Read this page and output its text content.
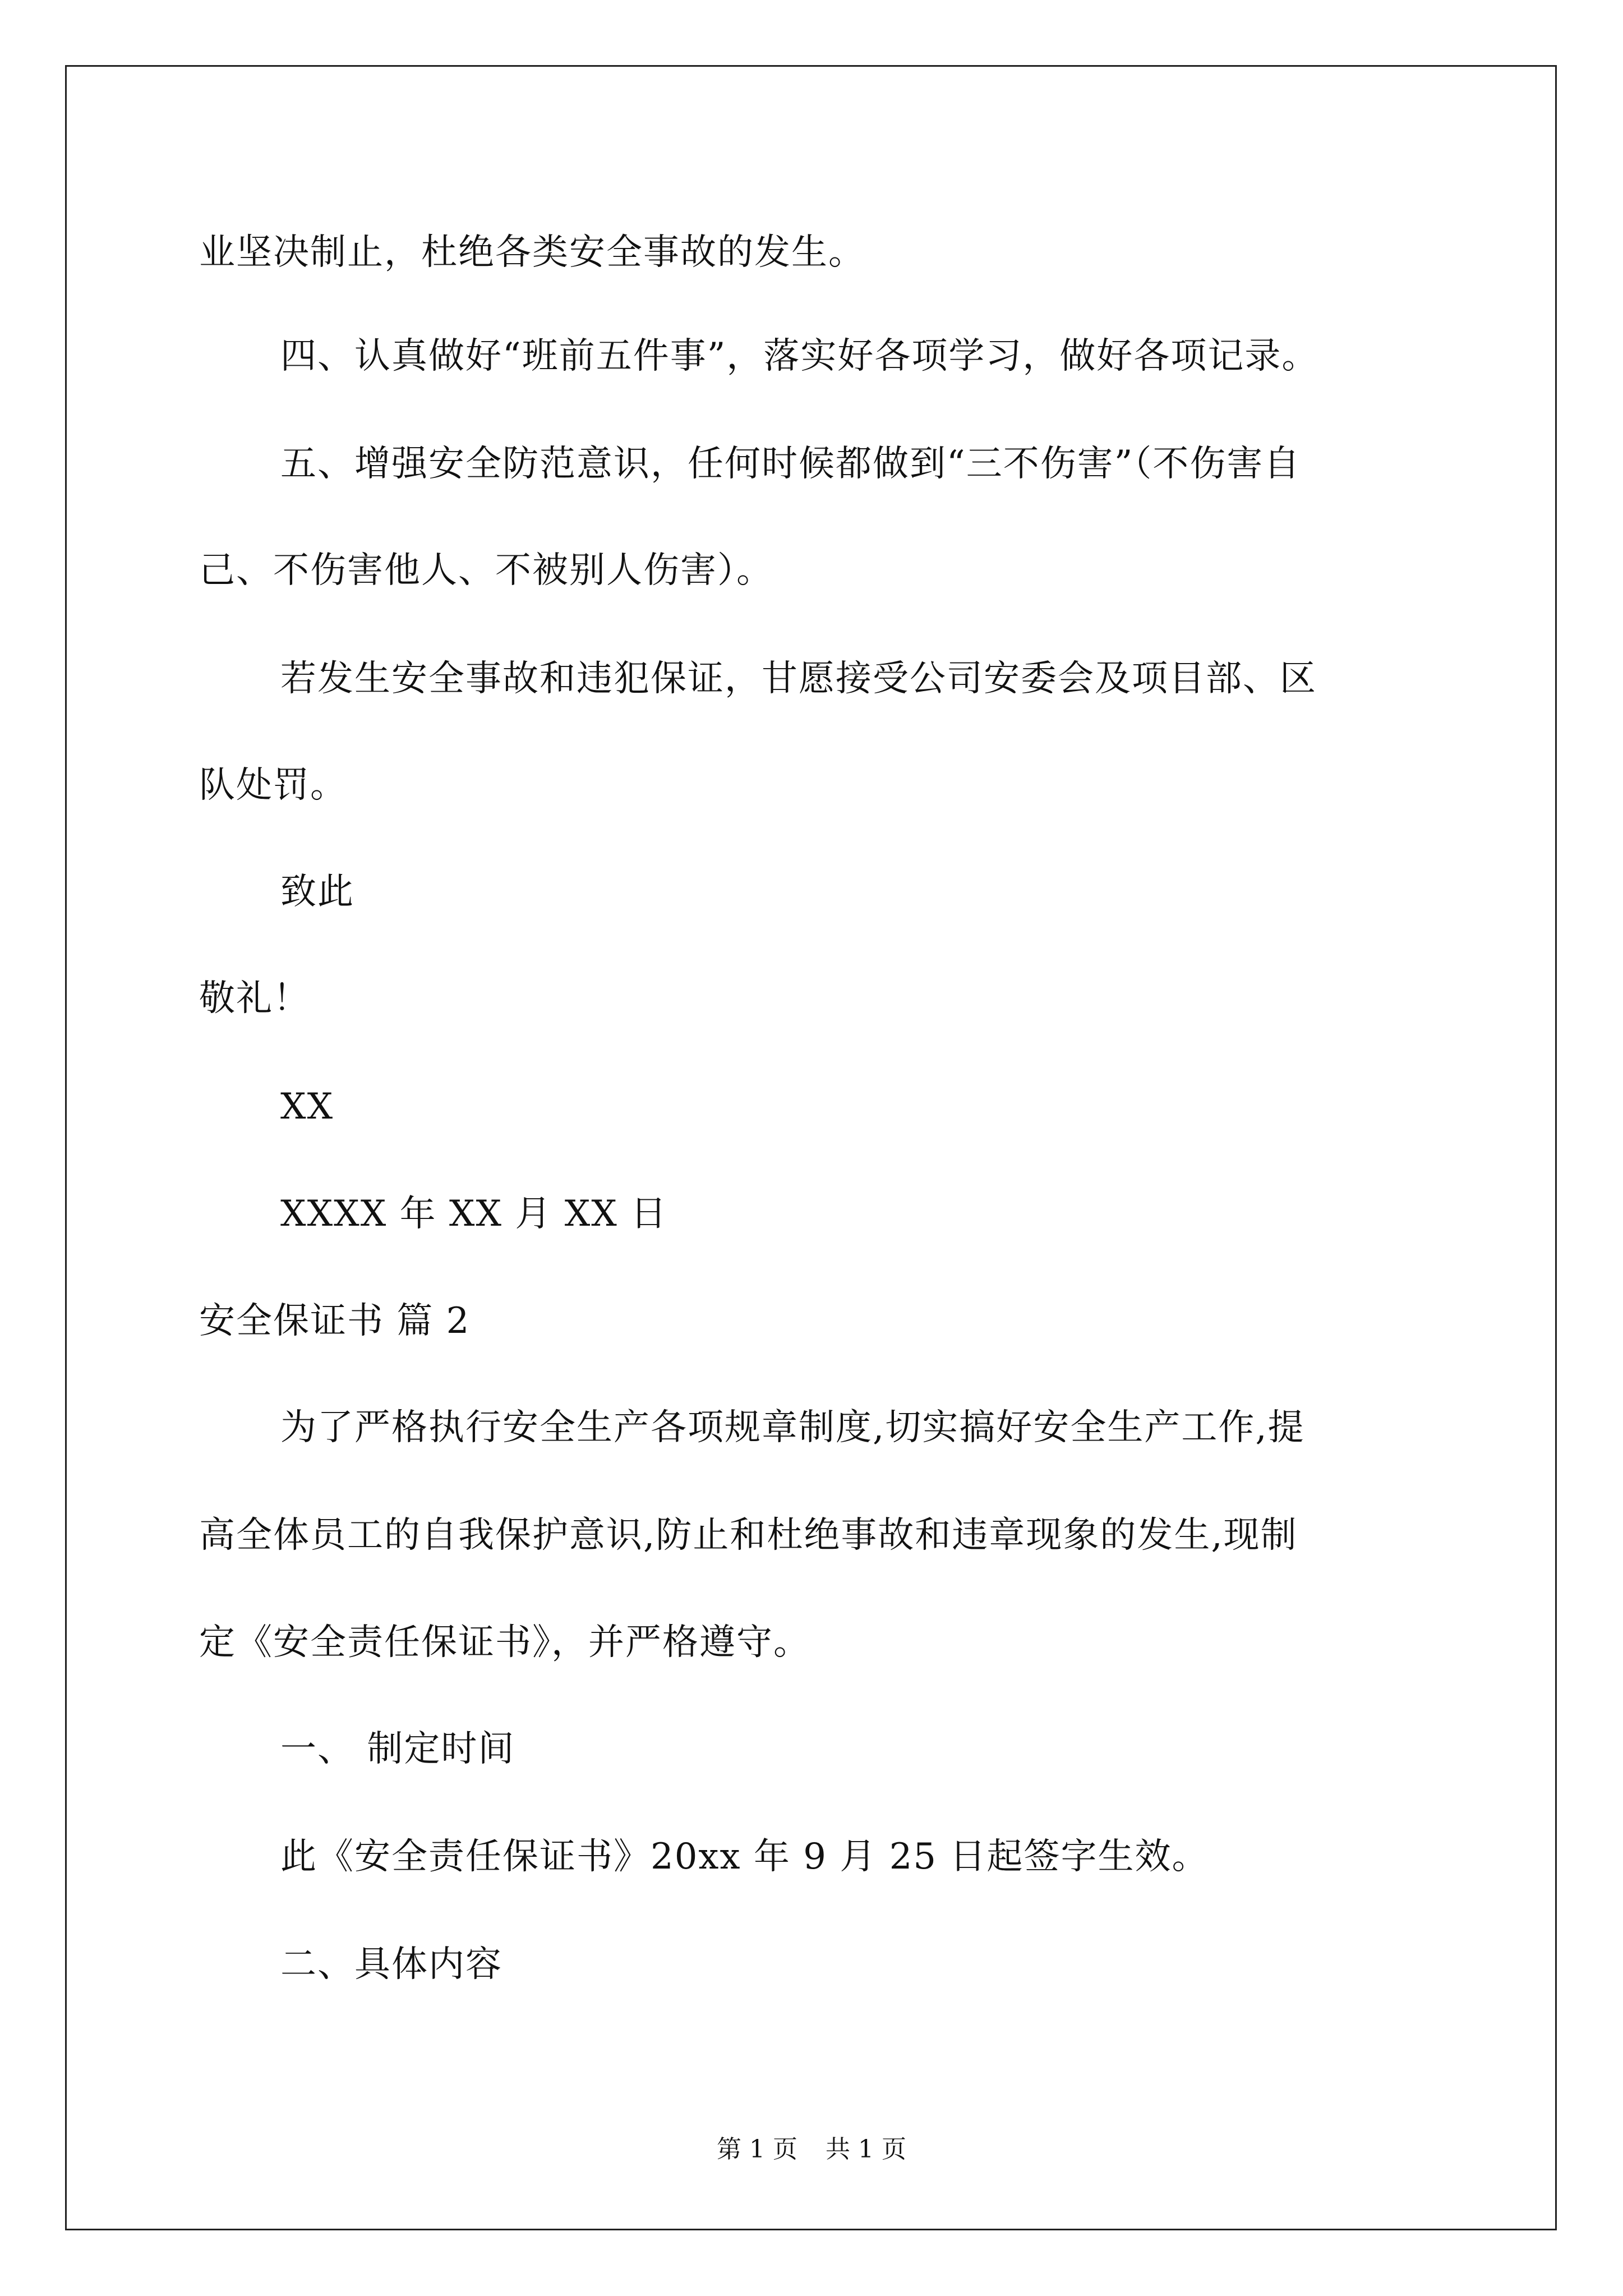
业坚决制止，杜绝各类安全事故的发生。
四、认真做好“班前五件事”，落实好各项学习，做好各项记录。
五、增强安全防范意识，任何时候都做到“三不伤害”（不伤害自
己、不伤害他人、不被别人伤害）。
若发生安全事故和违犯保证，甘愿接受公司安委会及项目部、区
队处罚。
致此
敬礼！
XX
XXXX 年 XX 月 XX 日
安全保证书 篇 2
为了严格执行安全生产各项规章制度,切实搞好安全生产工作,提
高全体员工的自我保护意识,防止和杜绝事故和违章现象的发生,现制
定《安全责任保证书》，并严格遵守。
一、 制定时间
此《安全责任保证书》20xx 年 9 月 25 日起签字生效。
二、具体内容
第 1 页 共 1 页
